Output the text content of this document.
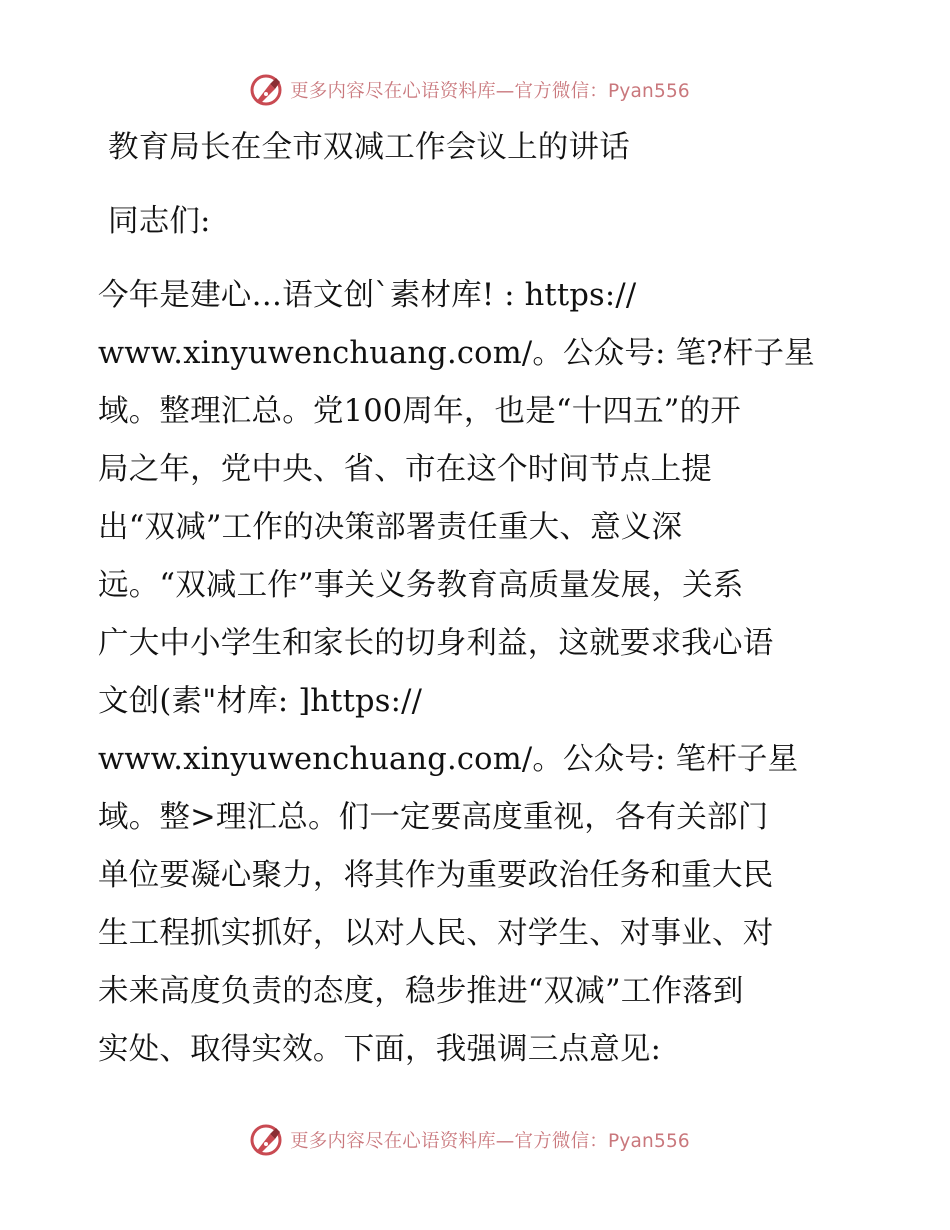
更多内容尽在心语资料库—官方微信：Pyan556
教育局长在全市双减工作会议上的讲话
同志们:
今年是建心…语文创`素材库! : https://
www.xinyuwenchuang.com/。公众号: 笔?杆子星
域。整理汇总。党100周年，也是“十四五”的开
局之年，党中央、省、市在这个时间节点上提
出“双减”工作的决策部署责任重大、意义深
远。“双减工作”事关义务教育高质量发展，关系
广大中小学生和家长的切身利益，这就要求我心语
文创(素"材库: ]https://
www.xinyuwenchuang.com/。公众号: 笔杆子星
域。整>理汇总。们一定要高度重视，各有关部门
单位要凝心聚力，将其作为重要政治任务和重大民
生工程抓实抓好，以对人民、对学生、对事业、对
未来高度负责的态度，稳步推进“双减”工作落到
实处、取得实效。下面，我强调三点意见:
更多内容尽在心语资料库—官方微信：Pyan556
